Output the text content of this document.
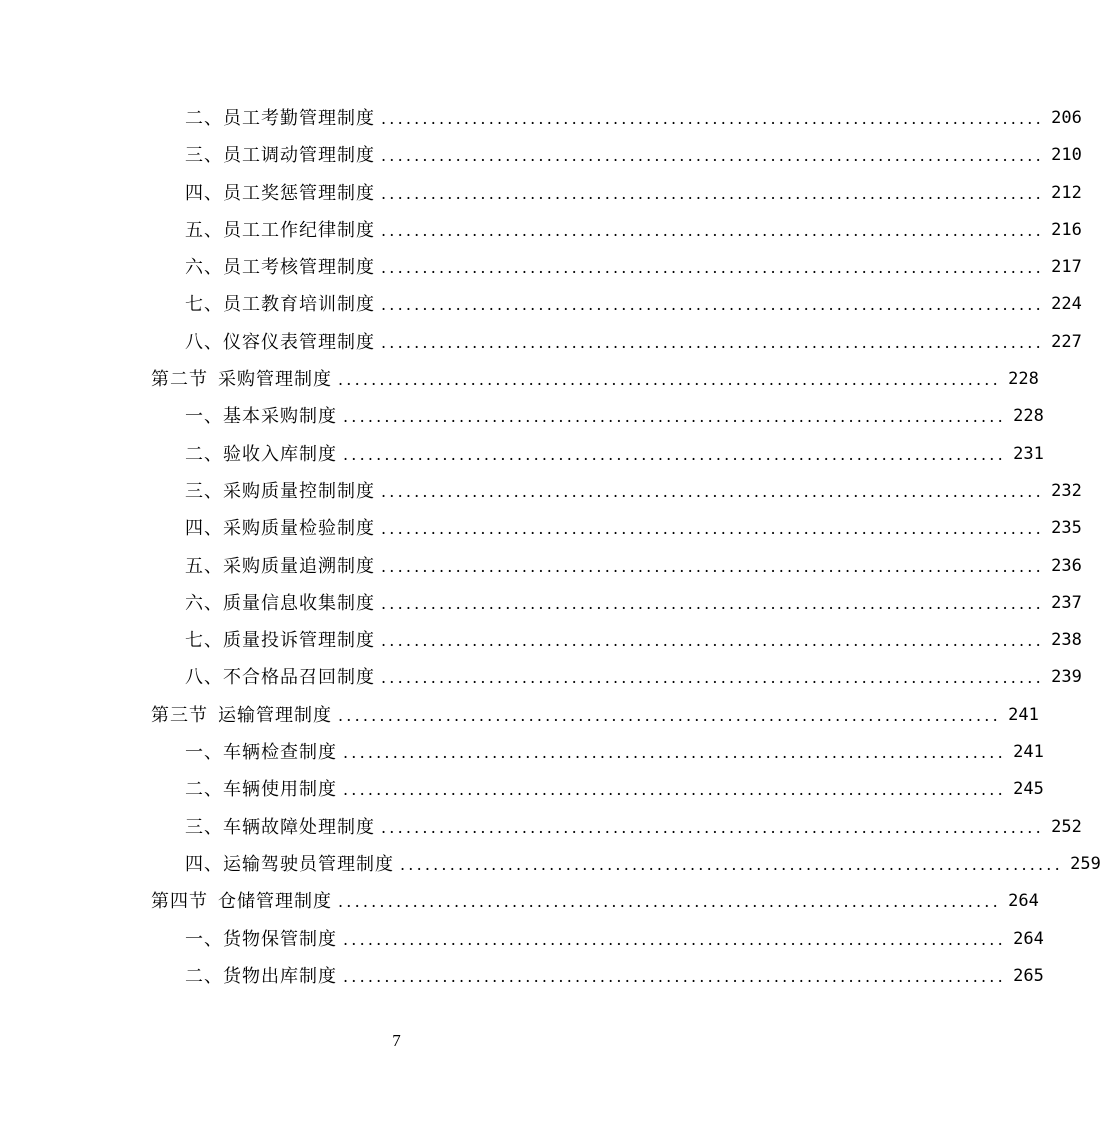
二、员工考勤管理制度 ................................................................................ 206
三、员工调动管理制度 ................................................................................ 210
四、员工奖惩管理制度 ................................................................................ 212
五、员工工作纪律制度 ................................................................................ 216
六、员工考核管理制度 ................................................................................ 217
七、员工教育培训制度 ................................................................................ 224
八、仪容仪表管理制度 ................................................................................ 227
第二节 采购管理制度 ................................................................................ 228
一、基本采购制度 ................................................................................ 228
二、验收入库制度 ................................................................................ 231
三、采购质量控制制度 ................................................................................ 232
四、采购质量检验制度 ................................................................................ 235
五、采购质量追溯制度 ................................................................................ 236
六、质量信息收集制度 ................................................................................ 237
七、质量投诉管理制度 ................................................................................ 238
八、不合格品召回制度 ................................................................................ 239
第三节 运输管理制度 ................................................................................ 241
一、车辆检查制度 ................................................................................ 241
二、车辆使用制度 ................................................................................ 245
三、车辆故障处理制度 ................................................................................ 252
四、运输驾驶员管理制度 ................................................................................ 259
第四节 仓储管理制度 ................................................................................ 264
一、货物保管制度 ................................................................................ 264
二、货物出库制度 ................................................................................ 265
7
